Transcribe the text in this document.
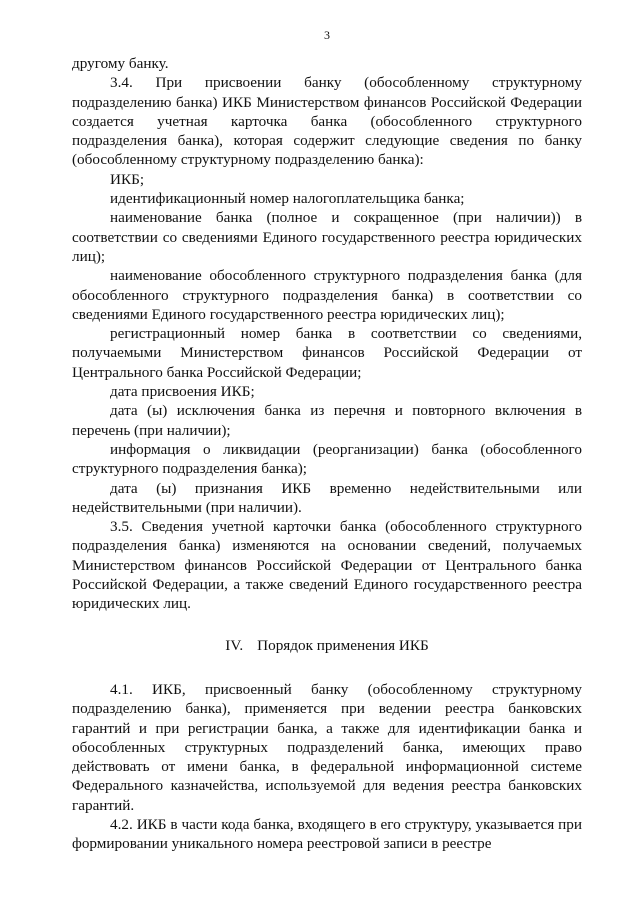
3

другому банку.

3.4. При присвоении банку (обособленному структурному подразделению банка) ИКБ Министерством финансов Российской Федерации создается учетная карточка банка (обособленного структурного подразделения банка), которая содержит следующие сведения по банку (обособленному структурному подразделению банка):

ИКБ;

идентификационный номер налогоплательщика банка;

наименование банка (полное и сокращенное (при наличии)) в соответствии со сведениями Единого государственного реестра юридических лиц);

наименование обособленного структурного подразделения банка (для обособленного структурного подразделения банка) в соответствии со сведениями Единого государственного реестра юридических лиц);

регистрационный номер банка в соответствии со сведениями, получаемыми Министерством финансов Российской Федерации от Центрального банка Российской Федерации;

дата присвоения ИКБ;

дата (ы) исключения банка из перечня и повторного включения в перечень (при наличии);

информация о ликвидации (реорганизации) банка (обособленного структурного подразделения банка);

дата (ы) признания ИКБ временно недействительными или недействительными (при наличии).

3.5. Сведения учетной карточки банка (обособленного структурного подразделения банка) изменяются на основании сведений, получаемых Министерством финансов Российской Федерации от Центрального банка Российской Федерации, а также сведений Единого государственного реестра юридических лиц.

IV. Порядок применения ИКБ

4.1. ИКБ, присвоенный банку (обособленному структурному подразделению банка), применяется при ведении реестра банковских гарантий и при регистрации банка, а также для идентификации банка и обособленных структурных подразделений банка, имеющих право действовать от имени банка, в федеральной информационной системе Федерального казначейства, используемой для ведения реестра банковских гарантий.

4.2. ИКБ в части кода банка, входящего в его структуру, указывается при формировании уникального номера реестровой записи в реестре
